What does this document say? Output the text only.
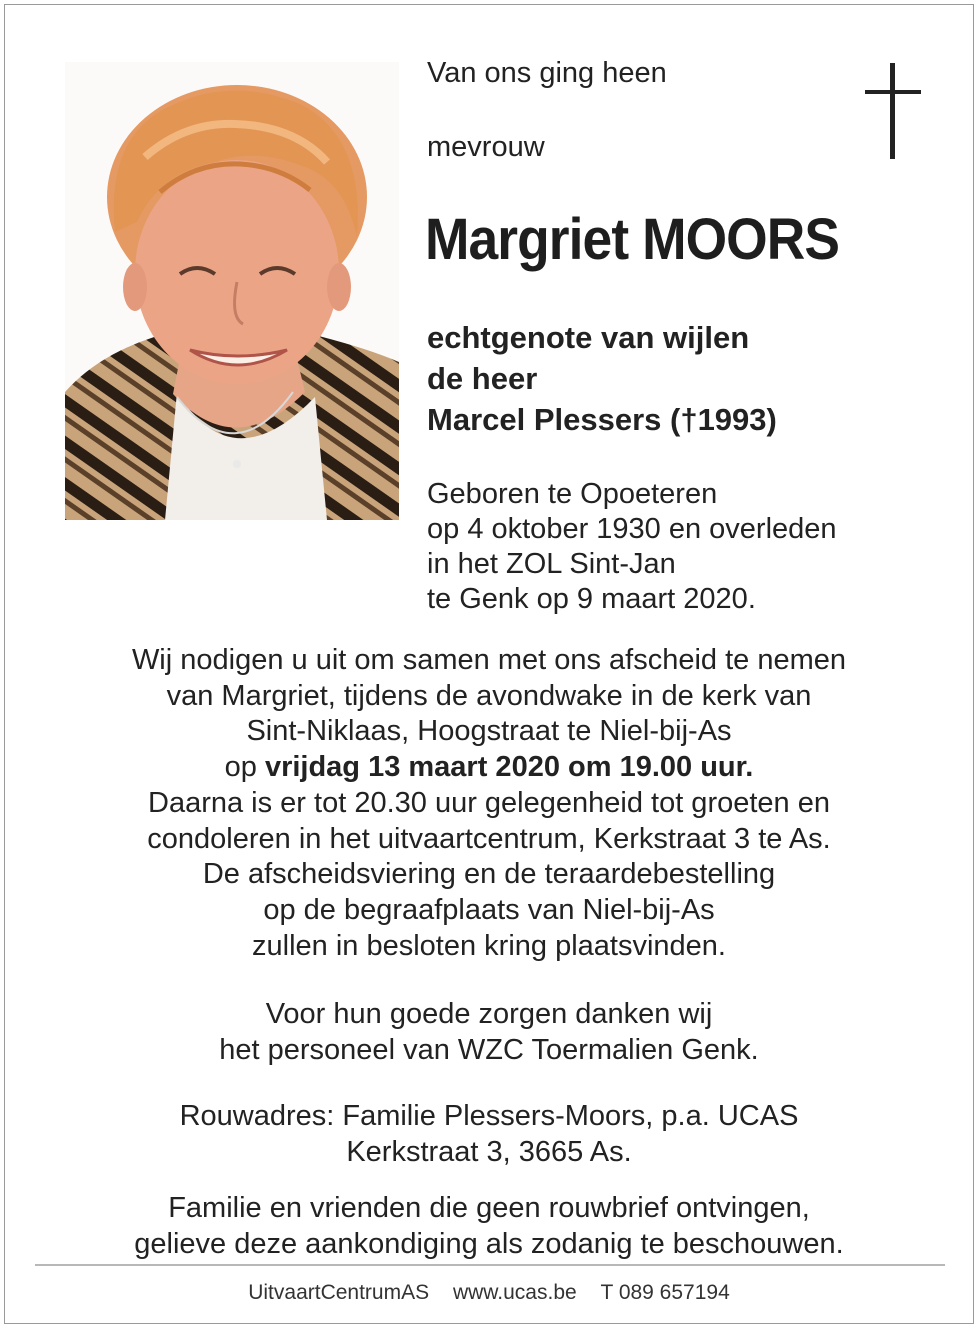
Van ons ging heen
mevrouw
Margriet MOORS
echtgenote van wijlen
de heer
Marcel Plessers (†1993)
Geboren te Opoeteren
op 4 oktober 1930 en overleden
in het ZOL Sint-Jan
te Genk op 9 maart 2020.
Wij nodigen u uit om samen met ons afscheid te nemen
van Margriet, tijdens de avondwake in de kerk van
Sint-Niklaas, Hoogstraat te Niel-bij-As
op vrijdag 13 maart 2020 om 19.00 uur.
Daarna is er tot 20.30 uur gelegenheid tot groeten en
condoleren in het uitvaartcentrum, Kerkstraat 3 te As.
De afscheidsviering en de teraardebestelling
op de begraafplaats van Niel-bij-As
zullen in besloten kring plaatsvinden.
Voor hun goede zorgen danken wij
het personeel van WZC Toermalien Genk.
Rouwadres: Familie Plessers-Moors, p.a. UCAS
Kerkstraat 3, 3665 As.
Familie en vrienden die geen rouwbrief ontvingen,
gelieve deze aankondiging als zodanig te beschouwen.
UitvaartCentrumAS www.ucas.be T 089 657194
